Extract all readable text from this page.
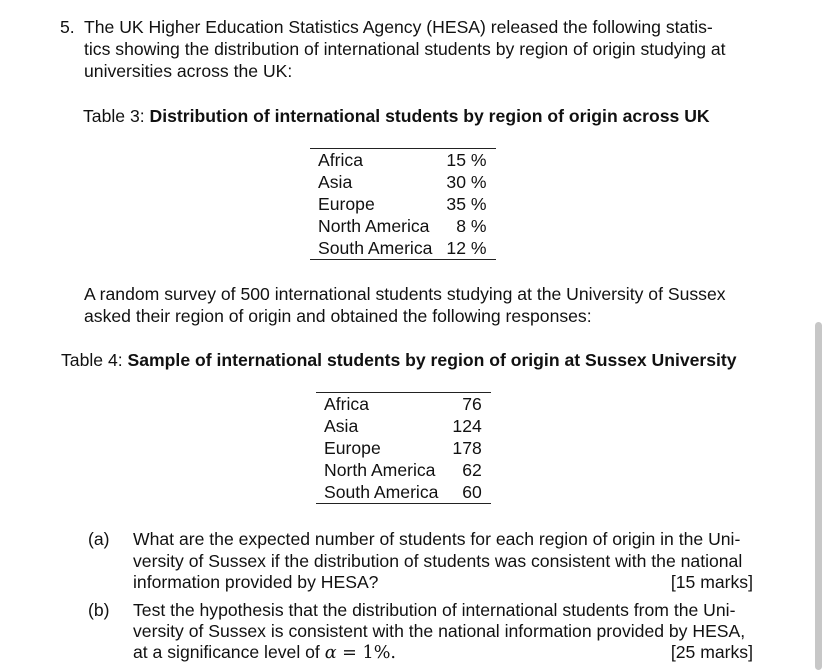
5. The UK Higher Education Statistics Agency (HESA) released the following statis-
tics showing the distribution of international students by region of origin studying at
universities across the UK:
Table 3: Distribution of international students by region of origin across UK
Africa	15 %
Asia	30 %
Europe	35 %
North America	8 %
South America	12 %
A random survey of 500 international students studying at the University of Sussex
asked their region of origin and obtained the following responses:
Table 4: Sample of international students by region of origin at Sussex University
Africa	76
Asia	124
Europe	178
North America	62
South America	60
(a) What are the expected number of students for each region of origin in the Uni-
versity of Sussex if the distribution of students was consistent with the national
information provided by HESA?	[15 marks]
(b) Test the hypothesis that the distribution of international students from the Uni-
versity of Sussex is consistent with the national information provided by HESA,
at a significance level of α = 1%.	[25 marks]
